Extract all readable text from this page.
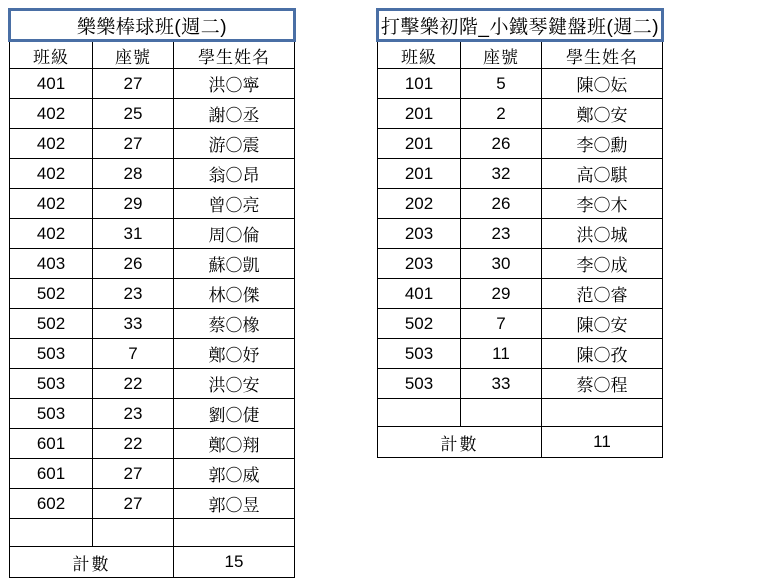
樂樂棒球班(週二)		
班級	座號	學生姓名
401	27	洪〇寧
402	25	謝〇丞
402	27	游〇震
402	28	翁〇昂
402	29	曾〇亮
402	31	周〇倫
403	26	蘇〇凱
502	23	林〇傑
502	33	蔡〇橡
503	7	鄭〇妤
503	22	洪〇安
503	23	劉〇倢
601	22	鄭〇翔
601	27	郭〇威
602	27	郭〇昱

計數		15
打擊樂初階_小鐵琴鍵盤班(週二)		
班級	座號	學生姓名
101	5	陳〇妘
201	2	鄭〇安
201	26	李〇勳
201	32	高〇騏
202	26	李〇木
203	23	洪〇城
203	30	李〇成
401	29	范〇睿
502	7	陳〇安
503	11	陳〇孜
503	33	蔡〇程

計數		11
